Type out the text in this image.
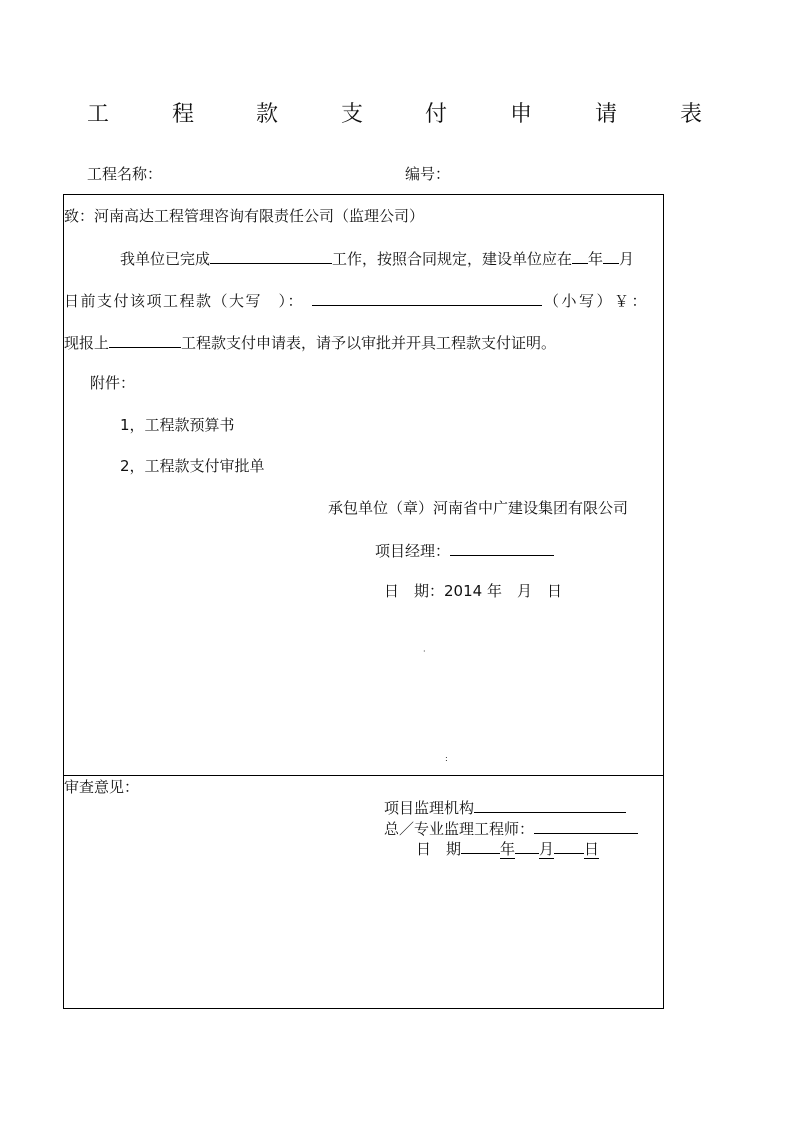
工	程	款	支	付	申	请	表
工程名称：	编号：
致：河南高达工程管理咨询有限责任公司（监理公司）
我单位已完成	工作，按照合同规定，建设单位应在 年 月
日前支付该项工程款（大写　）：	（小写）￥：
现报上	工程款支付申请表，请予以审批并开具工程款支付证明。
附件：
1，工程款预算书
2，工程款支付审批单
承包单位（章）河南省中广建设集团有限公司
项目经理：
日　期：2014 年　月　日
·
:
审查意见：
项目监理机构
总／专业监理工程师：
日　期	年 月 日
